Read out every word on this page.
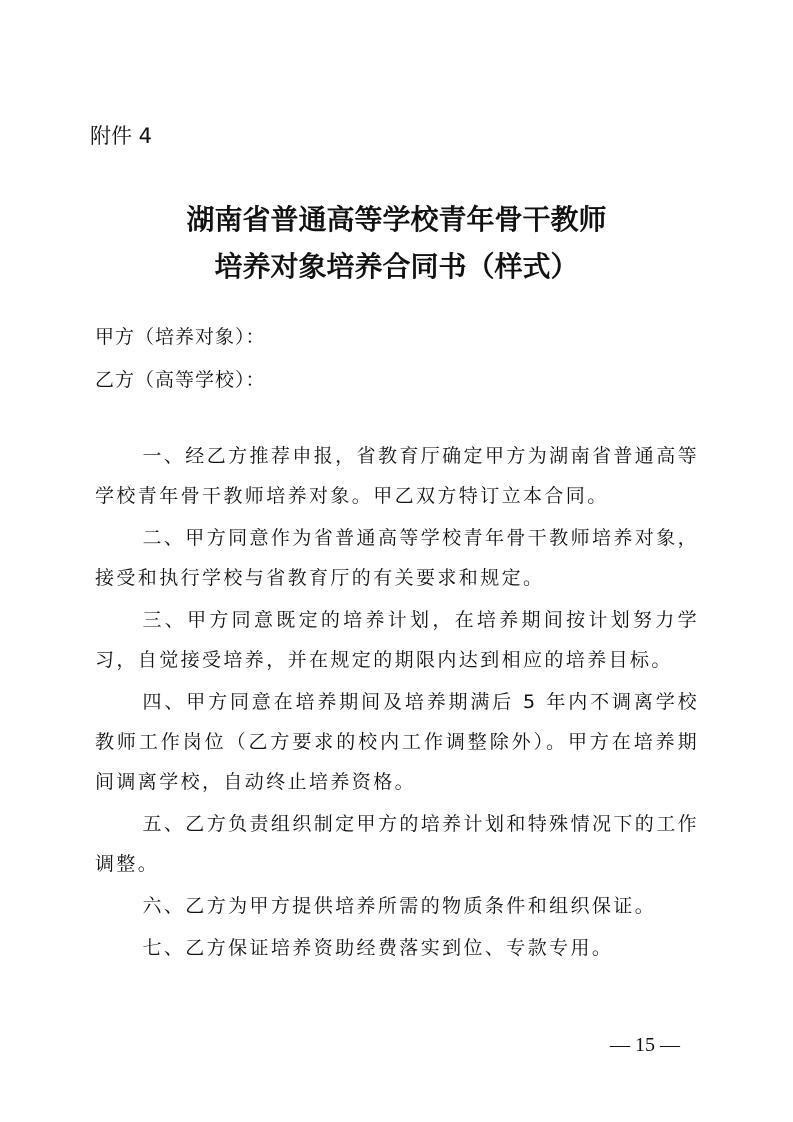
附件 4
湖南省普通高等学校青年骨干教师
培养对象培养合同书（样式）
甲方（培养对象）：
乙方（高等学校）：

一、经乙方推荐申报，省教育厅确定甲方为湖南省普通高等学校青年骨干教师培养对象。甲乙双方特订立本合同。

二、甲方同意作为省普通高等学校青年骨干教师培养对象，接受和执行学校与省教育厅的有关要求和规定。

三、甲方同意既定的培养计划，在培养期间按计划努力学习，自觉接受培养，并在规定的期限内达到相应的培养目标。

四、甲方同意在培养期间及培养期满后 5 年内不调离学校教师工作岗位（乙方要求的校内工作调整除外）。甲方在培养期间调离学校，自动终止培养资格。

五、乙方负责组织制定甲方的培养计划和特殊情况下的工作调整。

六、乙方为甲方提供培养所需的物质条件和组织保证。

七、乙方保证培养资助经费落实到位、专款专用。

— 15 —
